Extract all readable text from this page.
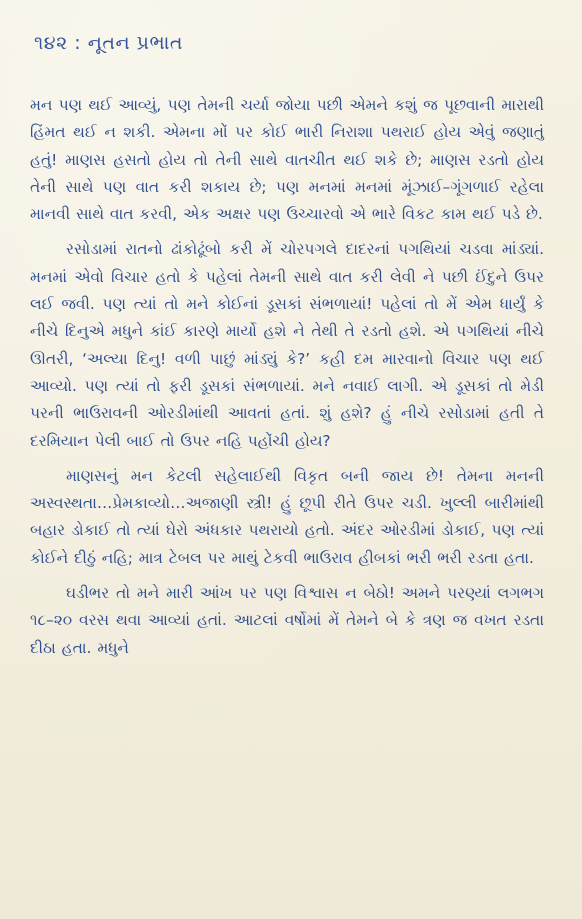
૧૪૨ : નૂતન પ્રભાત

મન પણ થઈ આવ્યું, પણ તેમની ચર્યા જોયા પછી એમને કશું જ પૂછવાની મારાથી હિંમત થઈ ન શકી. એમના મોં પર કોઈ ભારી નિરાશા પથરાઈ હોય એવું જણાતું હતું! માણસ હસતો હોય તો તેની સાથે વાતચીત થઈ શકે છે; માણસ રડતો હોય તેની સાથે પણ વાત કરી શકાય છે; પણ મનમાં મનમાં મૂંઝાઈ–ગૂંગળાઈ રહેલા માનવી સાથે વાત કરવી, એક અક્ષર પણ ઉચ્ચારવો એ ભારે વિકટ કામ થઈ પડે છે.

રસોડામાં રાતનો ઢાંકોઢૂંબો કરી મેં ચોરપગલે દાદરનાં પગથિયાં ચડવા માંડ્યાં. મનમાં એવો વિચાર હતો કે પહેલાં તેમની સાથે વાત કરી લેવી ને પછી ઈંદુને ઉપર લઈ જવી. પણ ત્યાં તો મને કોઈનાં ડૂસકાં સંભળાયાં! પહેલાં તો મેં એમ ધાર્યું કે નીચે દિનુએ મધુને કાંઈ કારણે માર્યો હશે ને તેથી તે રડતો હશે. એ પગથિયાં નીચે ઊતરી, ‘અલ્યા દિનુ! વળી પાછું માંડ્યું કે?’ કહી દમ મારવાનો વિચાર પણ થઈ આવ્યો. પણ ત્યાં તો ફરી ડૂસકાં સંભળાયાં. મને નવાઈ લાગી. એ ડૂસકાં તો મેડી પરની ભાઉરાવની ઓરડીમાંથી આવતાં હતાં. શું હશે? હું નીચે રસોડામાં હતી તે દરમિયાન પેલી બાઈ તો ઉપર નહિ પહોંચી હોય?

માણસનું મન કેટલી સહેલાઈથી વિકૃત બની જાય છે! તેમના મનની અસ્વસ્થતા…પ્રેમકાવ્યો…અજાણી સ્ત્રી! હું છૂપી રીતે ઉપર ચડી. ખુલ્લી બારીમાંથી બહાર ડોકાઈ તો ત્યાં ઘેરો અંધકાર પથરાયો હતો. અંદર ઓરડીમાં ડોકાઈ, પણ ત્યાં કોઈને દીઠું નહિ; માત્ર ટેબલ પર માથું ટેકવી ભાઉરાવ હીબકાં ભરી ભરી રડતા હતા.

ઘડીભર તો મને મારી આંખ પર પણ વિશ્વાસ ન બેઠો! અમને પરણ્યાં લગભગ ૧૮–૨૦ વરસ થવા આવ્યાં હતાં. આટલાં વર્ષોમાં મેં તેમને બે કે ત્રણ જ વખત રડતા દીઠા હતા. મધુને
